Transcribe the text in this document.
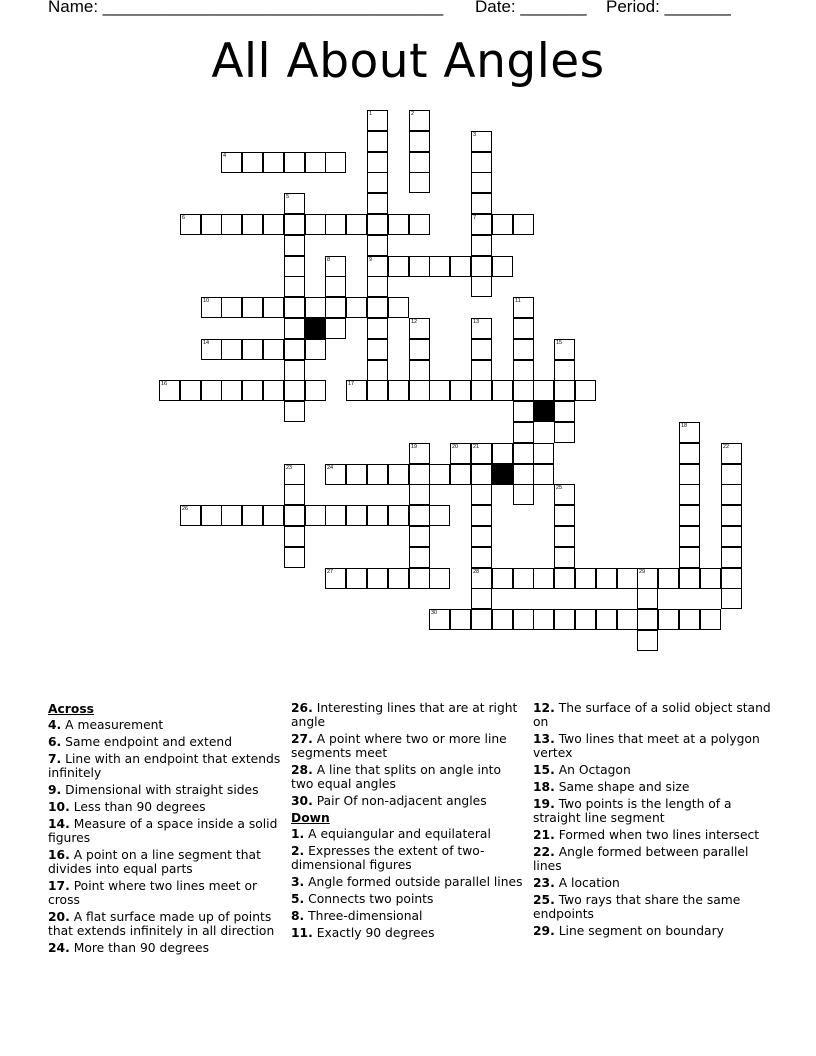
Name: ____________________________________

Date: _______

Period: _______

All About Angles
4
6	7
9
10
14
16	17
20	21
24
26
27	28	29
30
1	2
3
5
8
11
12	13
15
18
19	22
23
25
Across
4. A measurement
6. Same endpoint and extend
7. Line with an endpoint that extends infinitely
9. Dimensional with straight sides
10. Less than 90 degrees
14. Measure of a space inside a solid figures
16. A point on a line segment that divides into equal parts
17. Point where two lines meet or cross
20. A flat surface made up of points that extends infinitely in all direction
24. More than 90 degrees
26. Interesting lines that are at right angle
27. A point where two or more line segments meet
28. A line that splits on angle into two equal angles
30. Pair Of non-adjacent angles
Down
1. A equiangular and equilateral
2. Expresses the extent of two-dimensional figures
3. Angle formed outside parallel lines
5. Connects two points
8. Three-dimensional
11. Exactly 90 degrees
12. The surface of a solid object stand on
13. Two lines that meet at a polygon vertex
15. An Octagon
18. Same shape and size
19. Two points is the length of a straight line segment
21. Formed when two lines intersect
22. Angle formed between parallel lines
23. A location
25. Two rays that share the same endpoints
29. Line segment on boundary
